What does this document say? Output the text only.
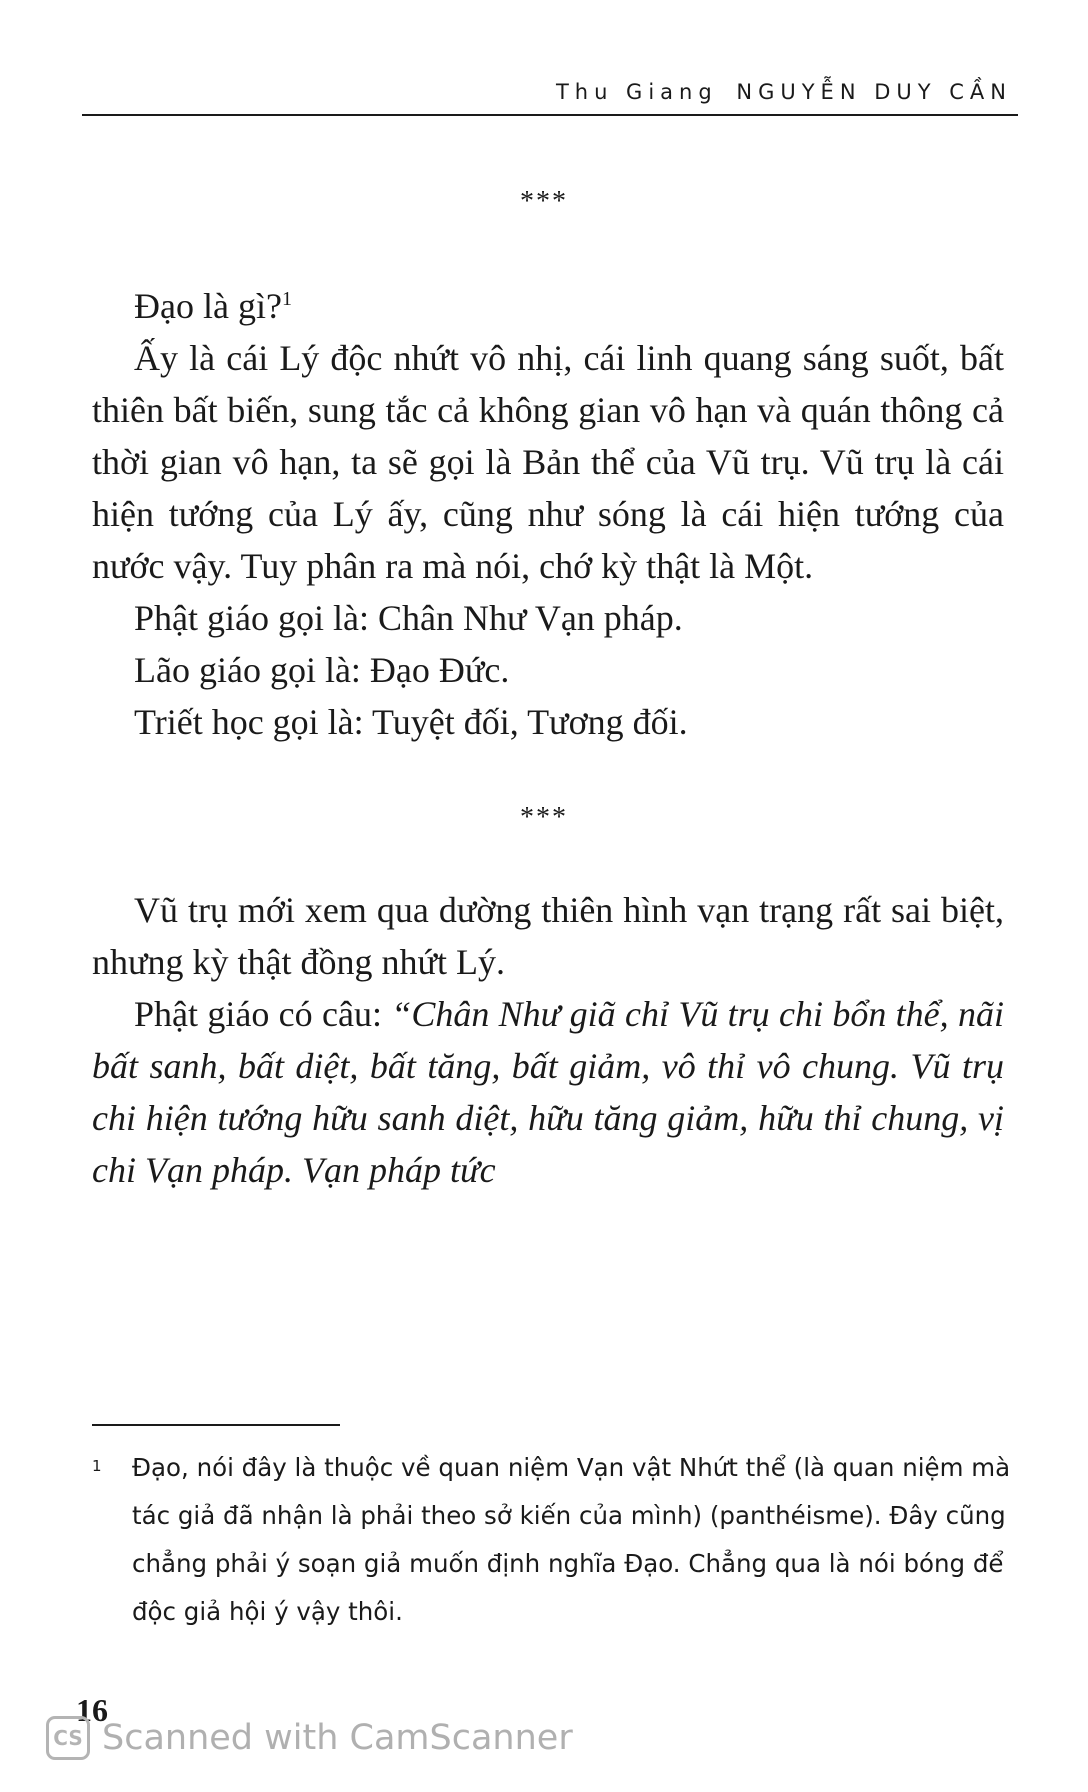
Thu Giang NGUYỄN DUY CẦN
***

Đạo là gì?$^1$

Ấy là cái Lý độc nhứt vô nhị, cái linh quang sáng suốt, bất thiên bất biến, sung tắc cả không gian vô hạn và quán thông cả thời gian vô hạn, ta sẽ gọi là Bản thể của Vũ trụ. Vũ trụ là cái hiện tướng của Lý ấy, cũng như sóng là cái hiện tướng của nước vậy. Tuy phân ra mà nói, chớ kỳ thật là Một.

Phật giáo gọi là: Chân Như Vạn pháp.

Lão giáo gọi là: Đạo Đức.

Triết học gọi là: Tuyệt đối, Tương đối.

***

Vũ trụ mới xem qua dường thiên hình vạn trạng rất sai biệt, nhưng kỳ thật đồng nhứt Lý.

Phật giáo có câu: “Chân Như giã chỉ Vũ trụ chi bổn thể, nãi bất sanh, bất diệt, bất tăng, bất giảm, vô thỉ vô chung. Vũ trụ chi hiện tướng hữu sanh diệt, hữu tăng giảm, hữu thỉ chung, vị chi Vạn pháp. Vạn pháp tức

1 Đạo, nói đây là thuộc về quan niệm Vạn vật Nhứt thể (là quan niệm mà tác giả đã nhận là phải theo sở kiến của mình) (panthéisme). Đây cũng chẳng phải ý soạn giả muốn định nghĩa Đạo. Chẳng qua là nói bóng để độc giả hội ý vậy thôi.
16
CS Scanned with CamScanner
